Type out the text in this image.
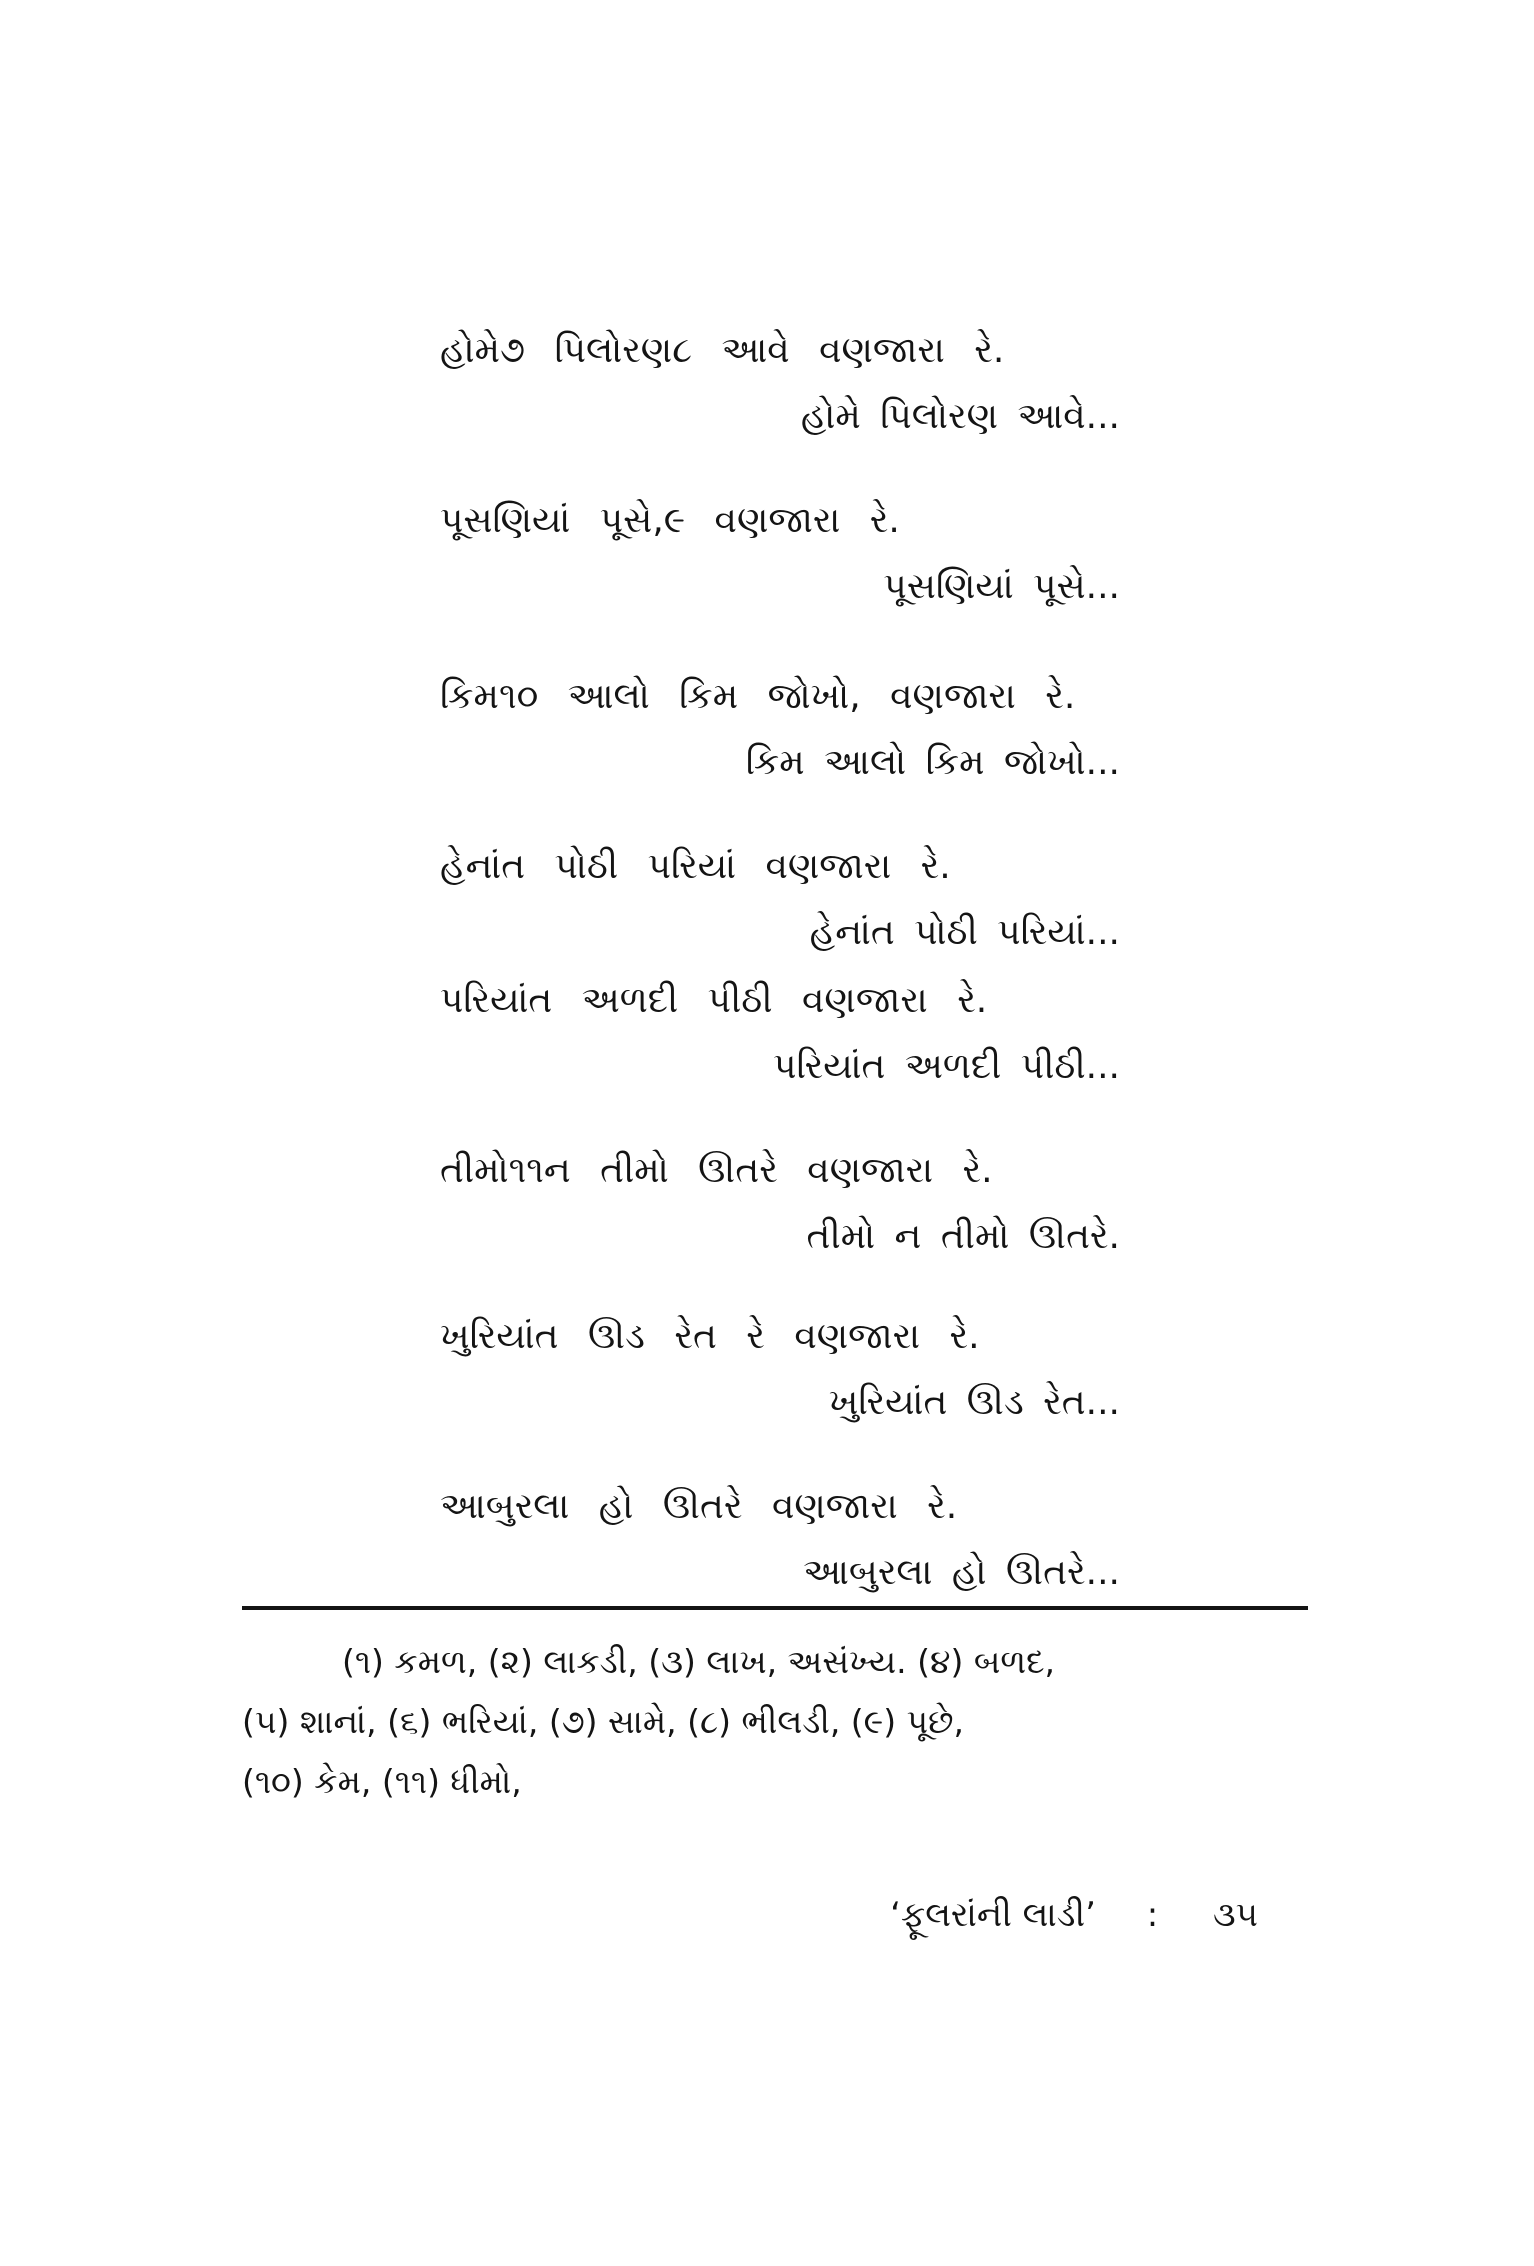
હોમે૭ પિલોરણ૮ આવે વણજારા રે.
હોમે પિલોરણ આવે...
પૂસણિયાં પૂસે,૯ વણજારા રે.
પૂસણિયાં પૂસે...
કિમ૧૦ આલો કિમ જોખો, વણજારા રે.
કિમ આલો કિમ જોખો...
હેનાંત પોઠી પરિયાં વણજારા રે.
હેનાંત પોઠી પરિયાં...
પરિયાંત અળદી પીઠી વણજારા રે.
પરિયાંત અળદી પીઠી...
તીમો૧૧ન તીમો ઊતરે વણજારા રે.
તીમો ન તીમો ઊતરે.
ખુરિયાંત ઊડ રેત રે વણજારા રે.
ખુરિયાંત ઊડ રેત...
આબુરલા હો ઊતરે વણજારા રે.
આબુરલા હો ઊતરે...
(૧) કમળ, (૨) લાકડી, (૩) લાખ, અસંખ્ય. (૪) બળદ,
(૫) શાનાં, (૬) ભરિયાં, (૭) સામે, (૮) ભીલડી, (૯) પૂછે,
(૧૦) કેમ, (૧૧) ધીમો,
‘ફૂલરાંની લાડી’ : ૩૫
